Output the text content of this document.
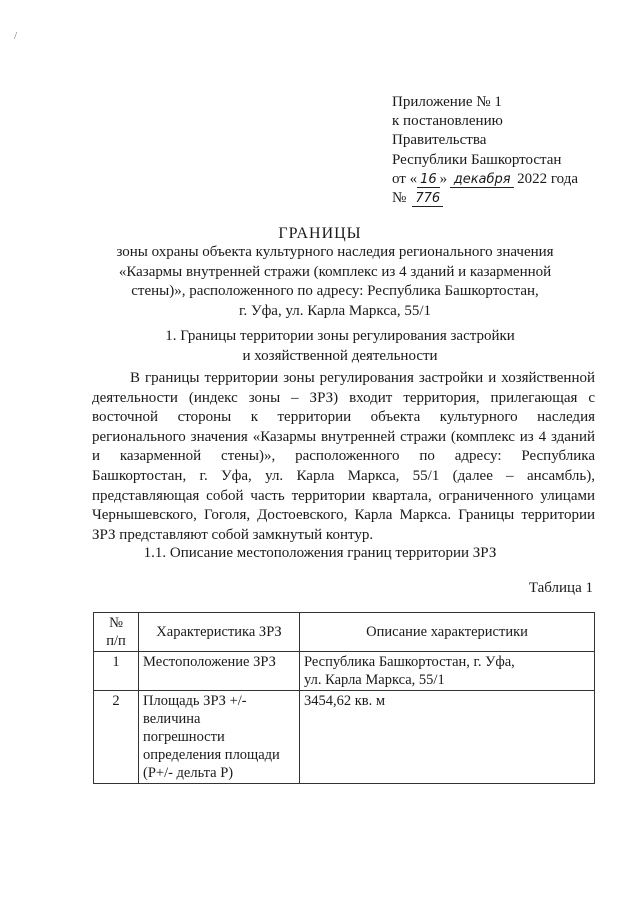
/
Приложение № 1
к постановлению
Правительства
Республики Башкортостан
от « 16 » декабря 2022 года
№ 776
ГРАНИЦЫ
зоны охраны объекта культурного наследия регионального значения
«Казармы внутренней стражи (комплекс из 4 зданий и казарменной
стены)», расположенного по адресу: Республика Башкортостан,
г. Уфа, ул. Карла Маркса, 55/1
1. Границы территории зоны регулирования застройки
и хозяйственной деятельности
В границы территории зоны регулирования застройки и хозяйственной деятельности (индекс зоны – ЗРЗ) входит территория, прилегающая с восточной стороны к территории объекта культурного наследия регионального значения «Казармы внутренней стражи (комплекс из 4 зданий и казарменной стены)», расположенного по адресу: Республика Башкортостан, г. Уфа, ул. Карла Маркса, 55/1 (далее – ансамбль), представляющая собой часть территории квартала, ограниченного улицами Чернышевского, Гоголя, Достоевского, Карла Маркса. Границы территории ЗРЗ представляют собой замкнутый контур.
1.1. Описание местоположения границ территории ЗРЗ
Таблица 1
№
п/п	Характеристика ЗРЗ	Описание характеристики
1	Местоположение ЗРЗ	Республика Башкортостан, г. Уфа,
ул. Карла Маркса, 55/1

2	Площадь ЗРЗ +/-
величина
погрешности
определения площади
(Р+/- дельта Р)	3454,62 кв. м
